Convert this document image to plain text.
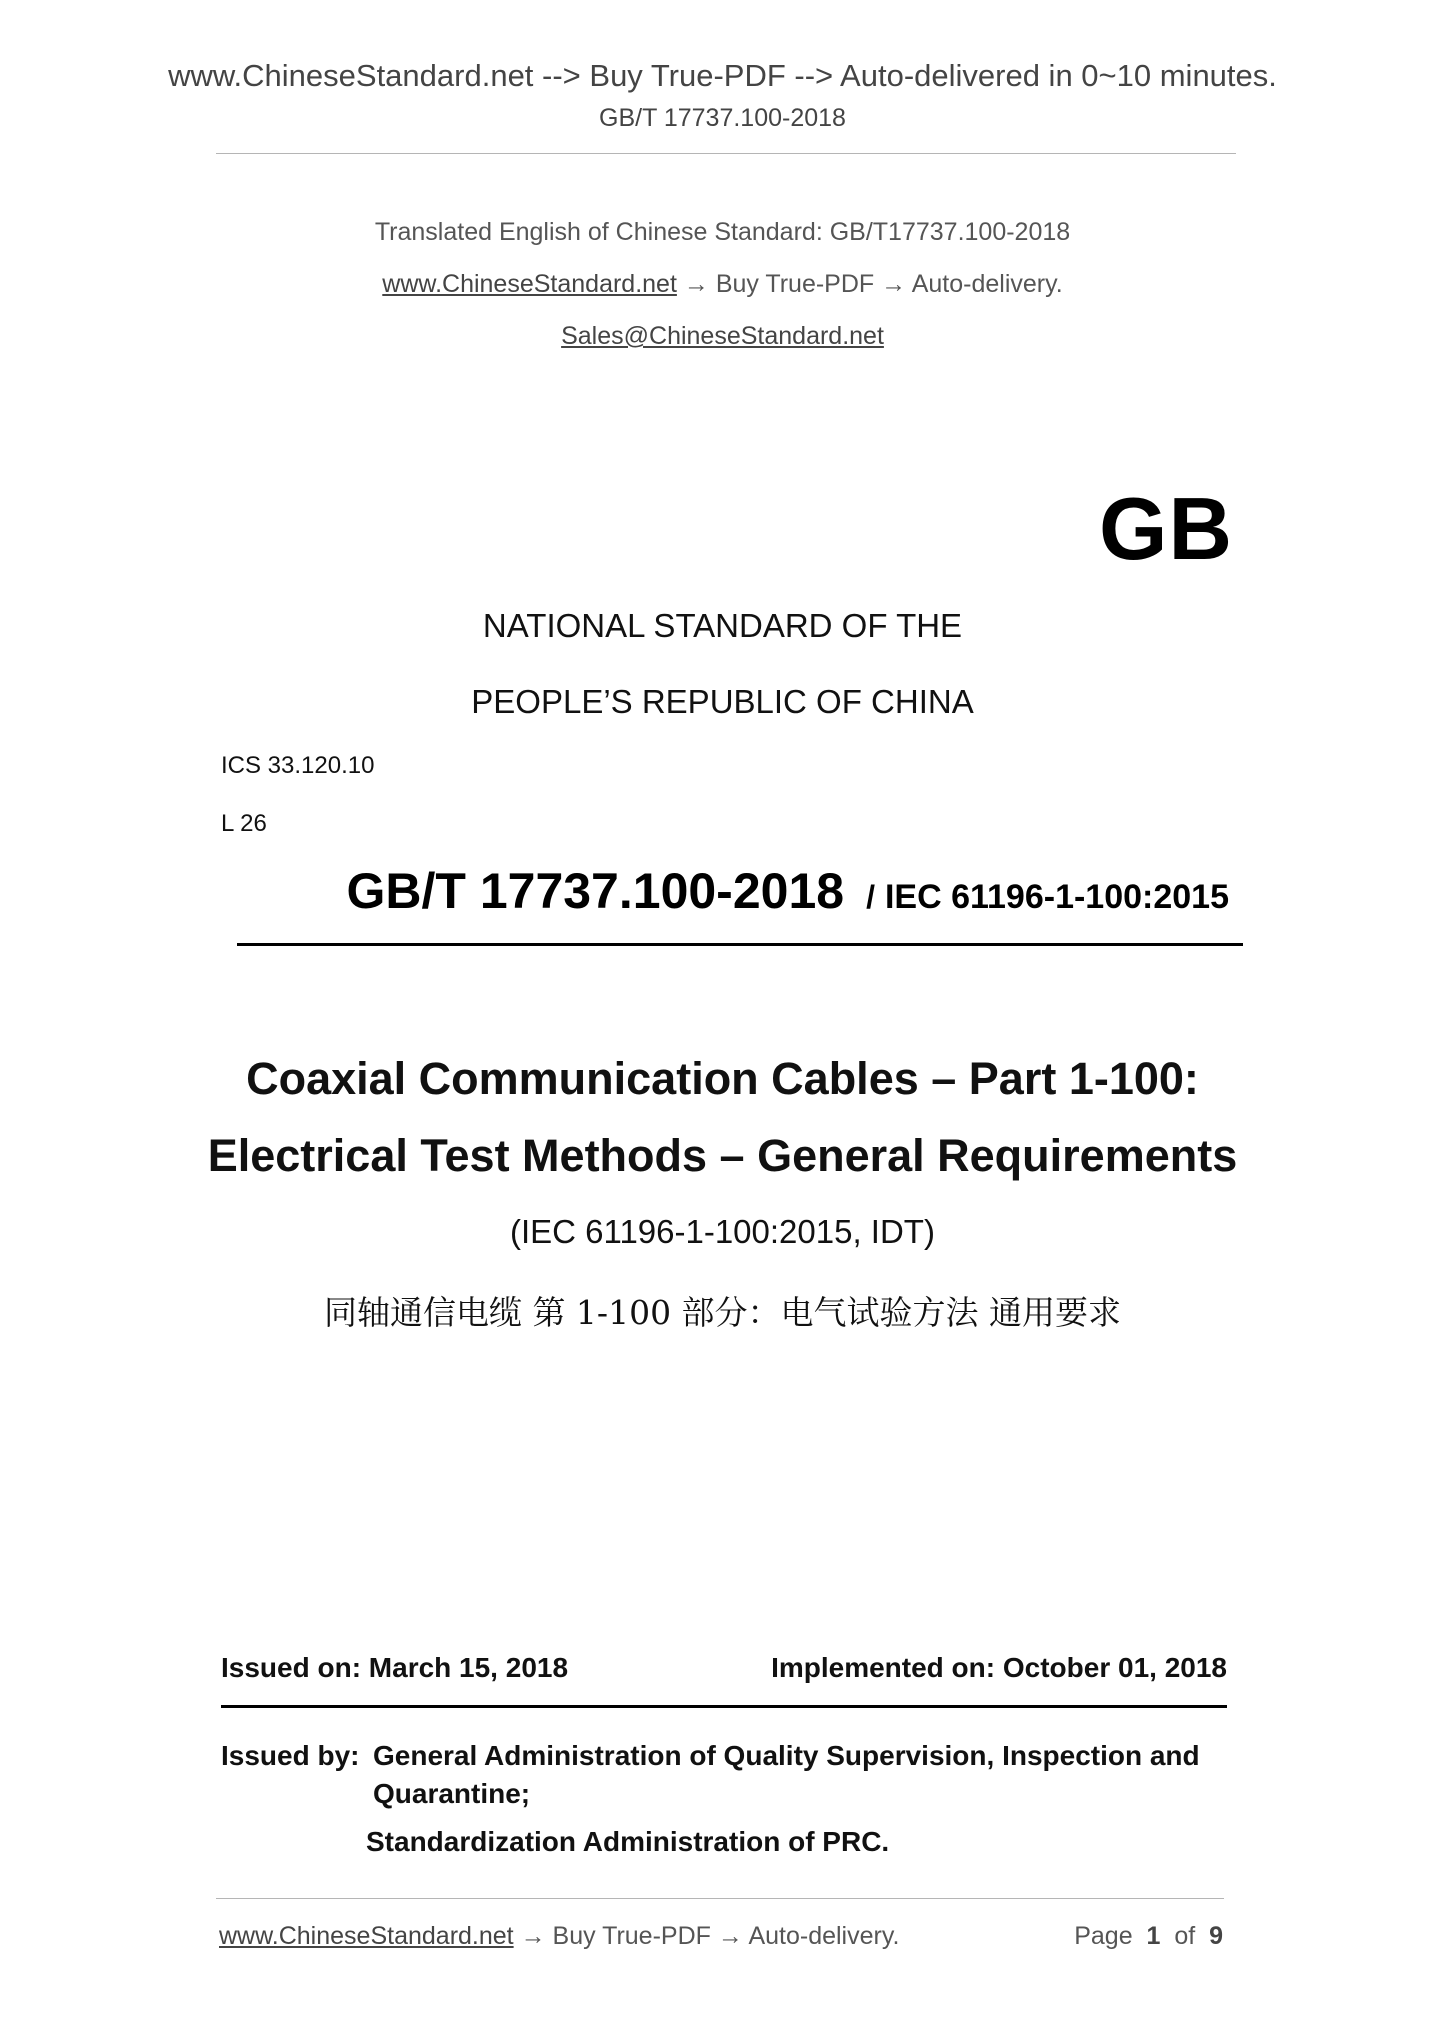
www.ChineseStandard.net --> Buy True-PDF --> Auto-delivered in 0~10 minutes.
GB/T 17737.100-2018
Translated English of Chinese Standard: GB/T17737.100-2018
www.ChineseStandard.net → Buy True-PDF → Auto-delivery.
Sales@ChineseStandard.net
GB
NATIONAL STANDARD OF THE
PEOPLE’S REPUBLIC OF CHINA
ICS 33.120.10
L 26
GB/T 17737.100-2018 / IEC 61196-1-100:2015
Coaxial Communication Cables – Part 1-100:
Electrical Test Methods – General Requirements
(IEC 61196-1-100:2015, IDT)
同轴通信电缆 第 1-100 部分：电气试验方法 通用要求
Issued on: March 15, 2018	Implemented on: October 01, 2018
Issued by: General Administration of Quality Supervision, Inspection and
Quarantine;
Standardization Administration of PRC.
www.ChineseStandard.net → Buy True-PDF → Auto-delivery.	Page 1 of 9
